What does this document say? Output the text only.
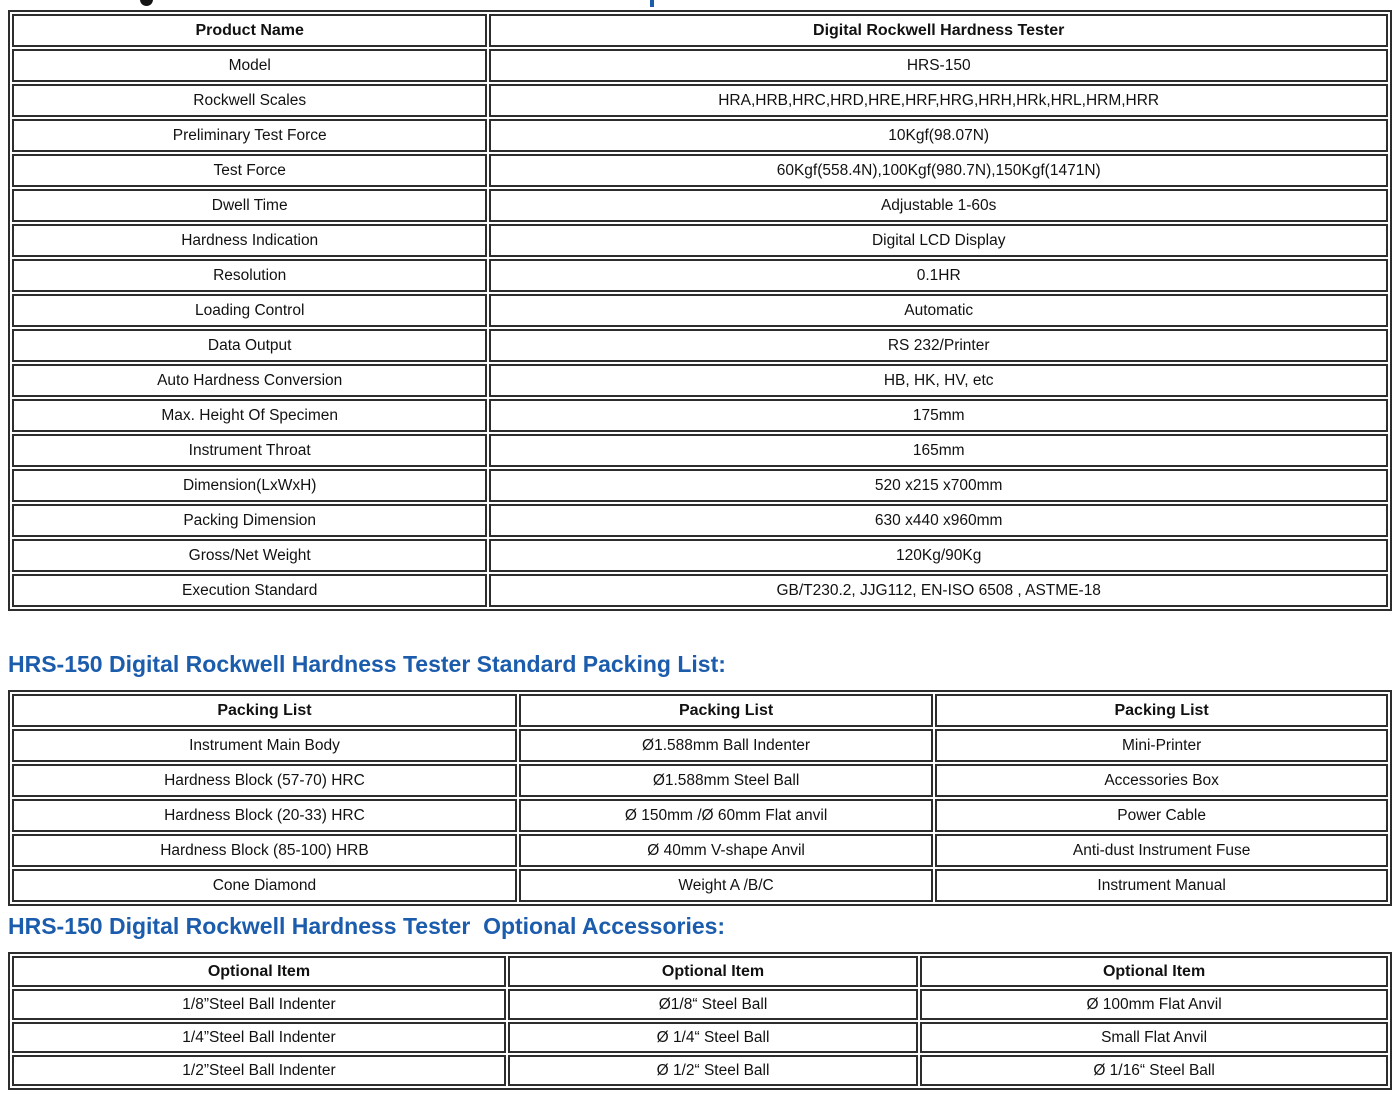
Product Name	Digital Rockwell Hardness Tester
Model	HRS-150
Rockwell Scales	HRA,HRB,HRC,HRD,HRE,HRF,HRG,HRH,HRk,HRL,HRM,HRR
Preliminary Test Force	10Kgf(98.07N)
Test Force	60Kgf(558.4N),100Kgf(980.7N),150Kgf(1471N)
Dwell Time	Adjustable 1-60s
Hardness Indication	Digital LCD Display
Resolution	0.1HR
Loading Control	Automatic
Data Output	RS 232/Printer
Auto Hardness Conversion	HB, HK, HV, etc
Max. Height Of Specimen	175mm
Instrument Throat	165mm
Dimension(LxWxH)	520 x215 x700mm
Packing Dimension	630 x440 x960mm
Gross/Net Weight	120Kg/90Kg
Execution Standard	GB/T230.2, JJG112, EN-ISO 6508 , ASTME-18
HRS-150 Digital Rockwell Hardness Tester Standard Packing List:
Packing List	Packing List	Packing List
Instrument Main Body	Ø1.588mm Ball Indenter	Mini-Printer
Hardness Block (57-70) HRC	Ø1.588mm Steel Ball	Accessories Box
Hardness Block (20-33) HRC	Ø 150mm /Ø 60mm Flat anvil	Power Cable
Hardness Block (85-100) HRB	Ø 40mm V-shape Anvil	Anti-dust Instrument Fuse
Cone Diamond	Weight A /B/C	Instrument Manual
HRS-150 Digital Rockwell Hardness Tester  Optional Accessories:
Optional Item	Optional Item	Optional Item
1/8”Steel Ball Indenter	Ø1/8“ Steel Ball	Ø 100mm Flat Anvil
1/4”Steel Ball Indenter	Ø 1/4“ Steel Ball	Small Flat Anvil
1/2”Steel Ball Indenter	Ø 1/2“ Steel Ball	Ø 1/16“ Steel Ball
